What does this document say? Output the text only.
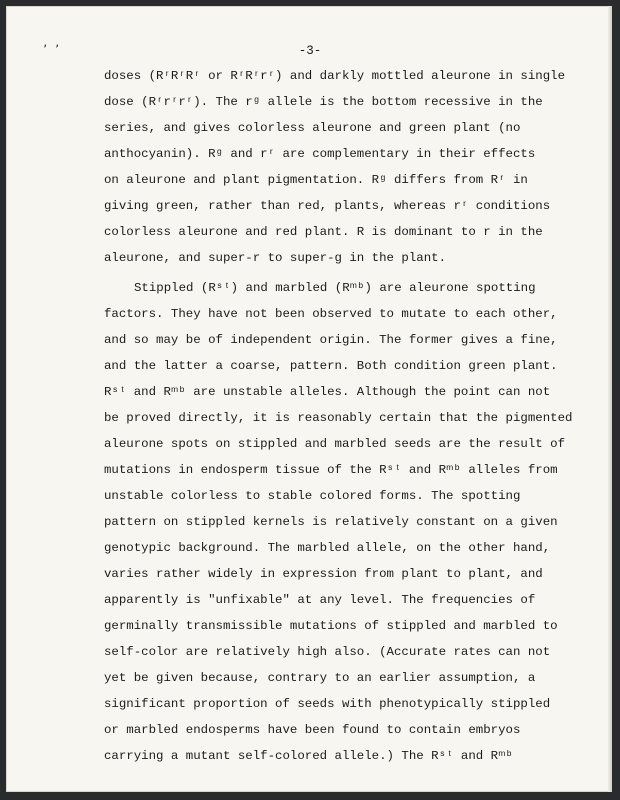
ʼ ʼ	-3-
doses (RʳRʳRʳ or RʳRʳrʳ) and darkly mottled aleurone in single
dose (Rʳrʳrʳ). The rᵍ allele is the bottom recessive in the
series, and gives colorless aleurone and green plant (no
anthocyanin). Rᵍ and rʳ are complementary in their effects
on aleurone and plant pigmentation. Rᵍ differs from Rʳ in
giving green, rather than red, plants, whereas rʳ conditions
colorless aleurone and red plant. R is dominant to r in the
aleurone, and super-r to super-g in the plant.
Stippled (Rˢᵗ) and marbled (Rᵐᵇ) are aleurone spotting
factors. They have not been observed to mutate to each other,
and so may be of independent origin. The former gives a fine,
and the latter a coarse, pattern. Both condition green plant.
Rˢᵗ and Rᵐᵇ are unstable alleles. Although the point can not
be proved directly, it is reasonably certain that the pigmented
aleurone spots on stippled and marbled seeds are the result of
mutations in endosperm tissue of the Rˢᵗ and Rᵐᵇ alleles from
unstable colorless to stable colored forms. The spotting
pattern on stippled kernels is relatively constant on a given
genotypic background. The marbled allele, on the other hand,
varies rather widely in expression from plant to plant, and
apparently is "unfixable" at any level. The frequencies of
germinally transmissible mutations of stippled and marbled to
self-color are relatively high also. (Accurate rates can not
yet be given because, contrary to an earlier assumption, a
significant proportion of seeds with phenotypically stippled
or marbled endosperms have been found to contain embryos
carrying a mutant self-colored allele.) The Rˢᵗ and Rᵐᵇ
